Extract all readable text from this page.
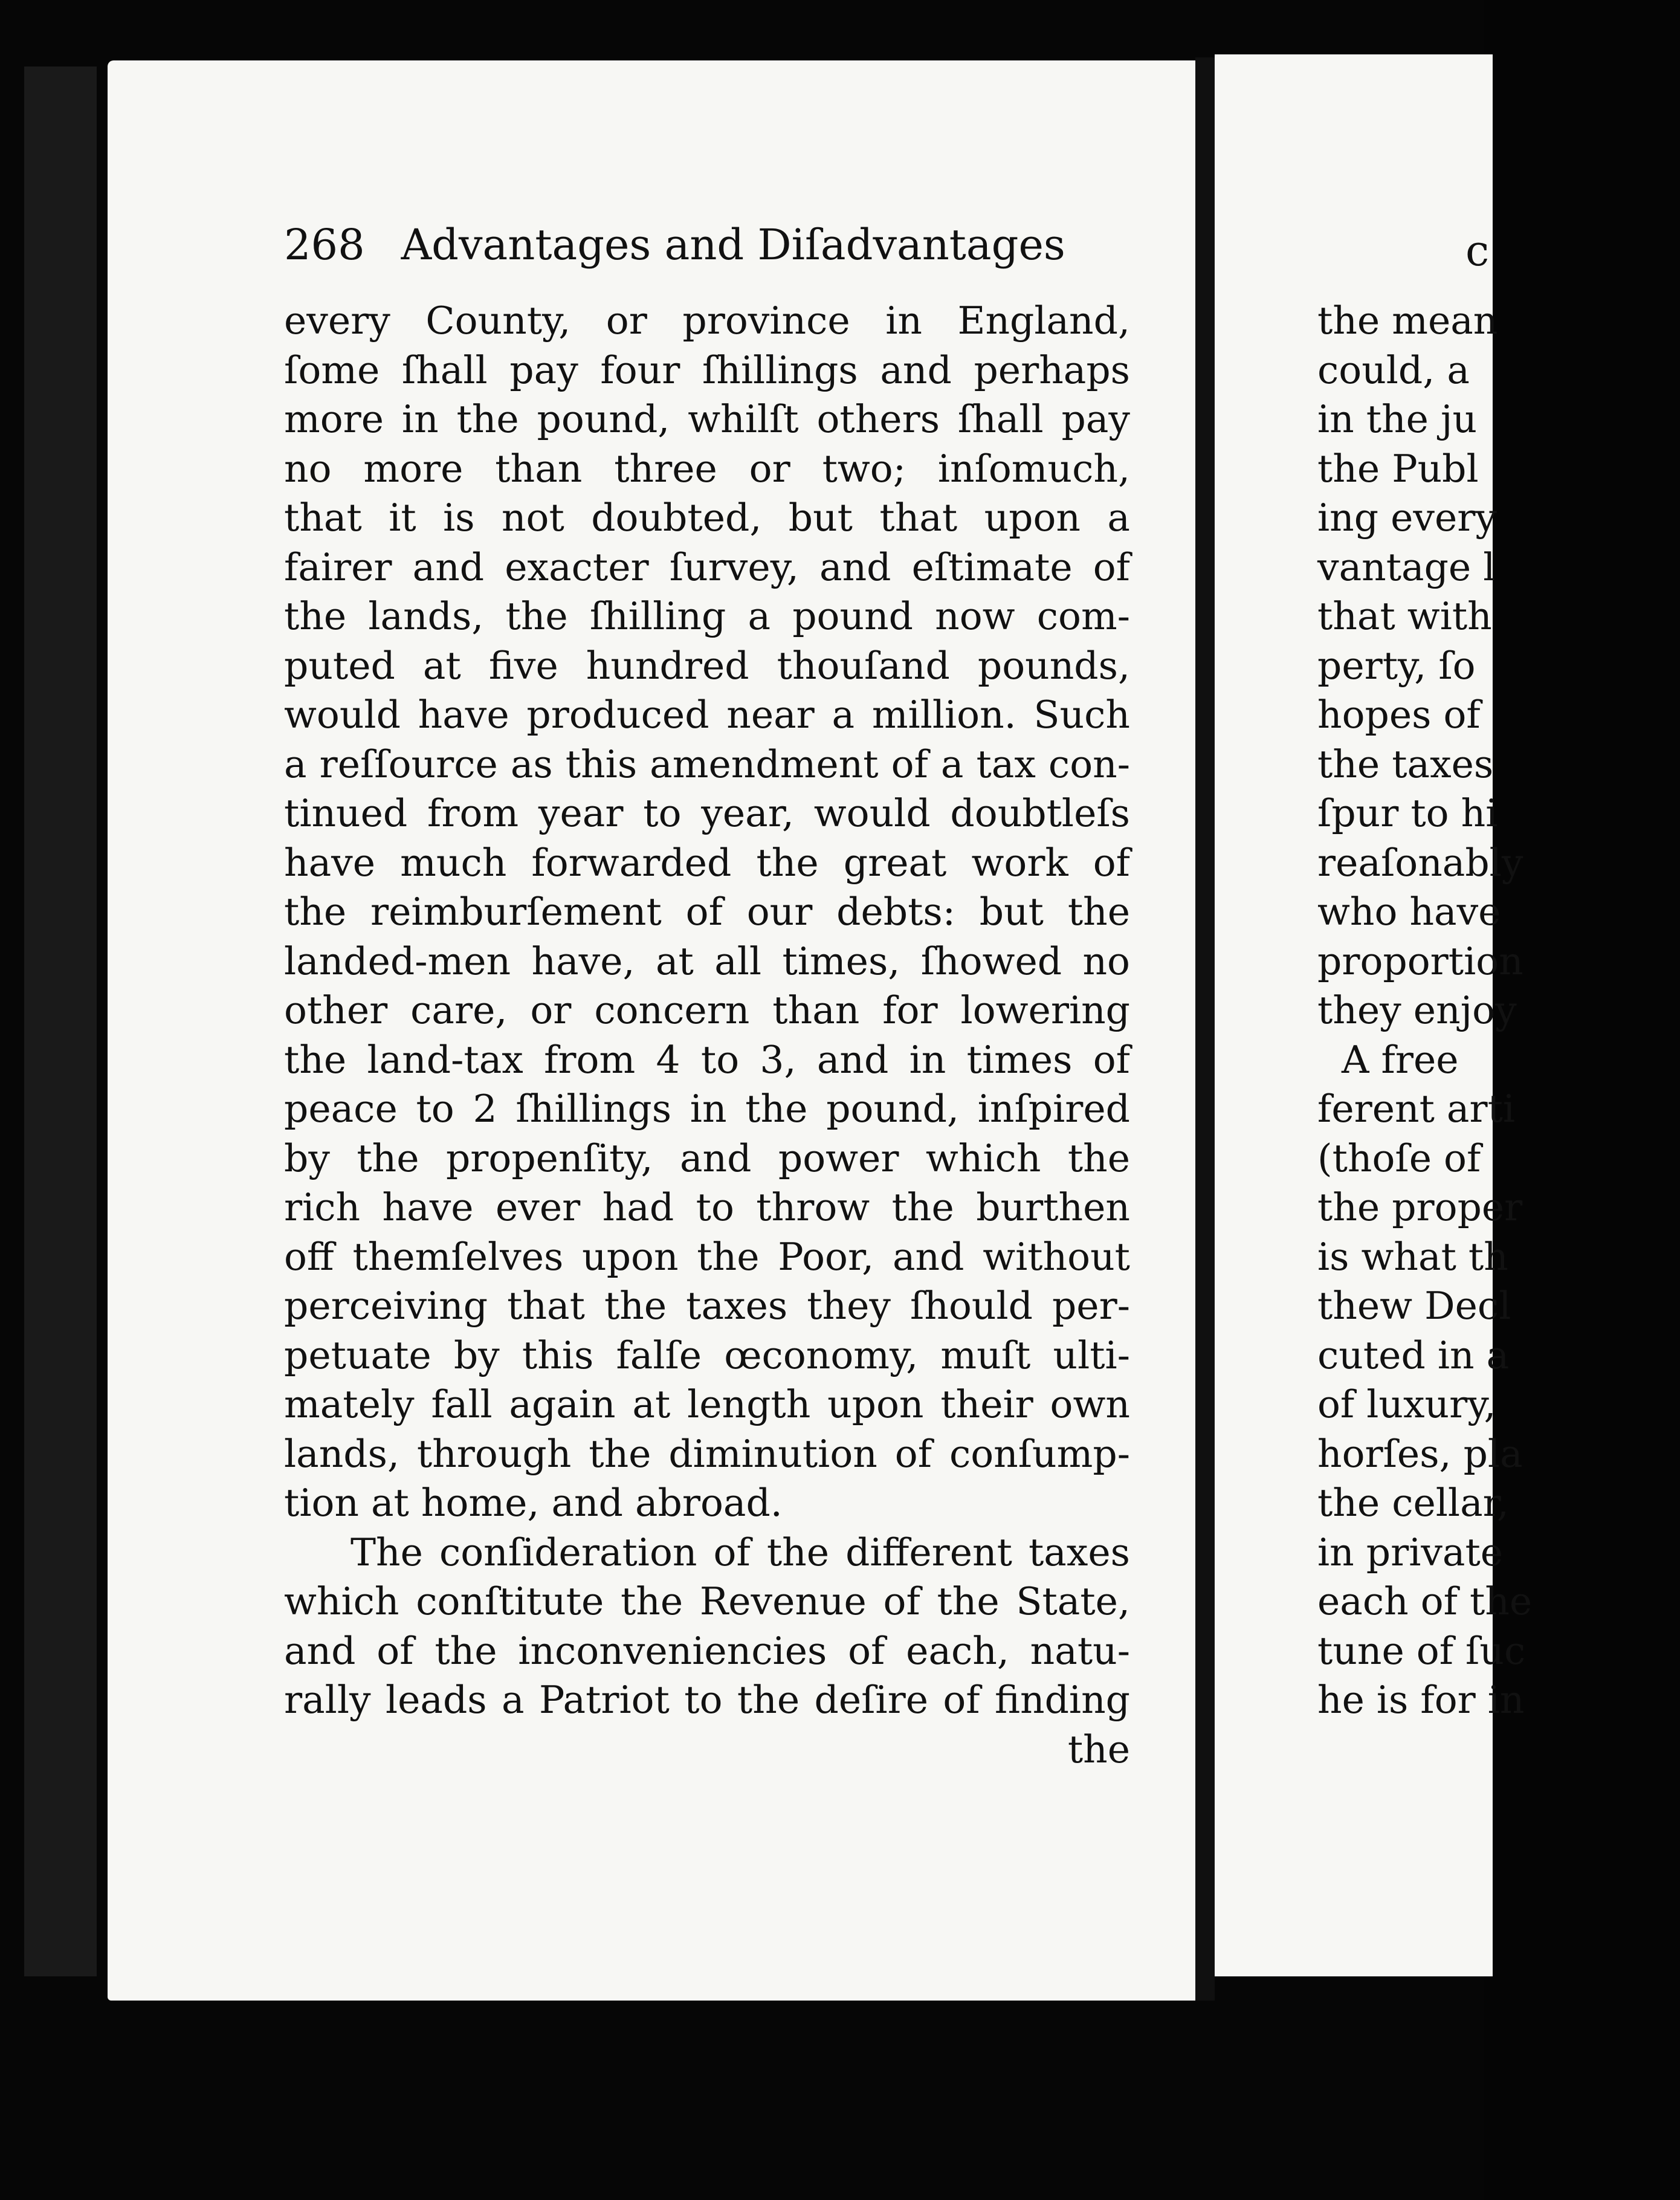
268 Advantages and Diſadvantages
every County, or province in England,
ſome ſhall pay four ſhillings and perhaps
more in the pound, whilſt others ſhall pay
no more than three or two; inſomuch,
that it is not doubted, but that upon a
fairer and exacter ſurvey, and eſtimate of
the lands, the ſhilling a pound now com-
puted at five hundred thouſand pounds,
would have produced near a million. Such
a reſſource as this amendment of a tax con-
tinued from year to year, would doubtleſs
have much forwarded the great work of
the reimburſement of our debts: but the
landed-men have, at all times, ſhowed no
other care, or concern than for lowering
the land-tax from 4 to 3, and in times of
peace to 2 ſhillings in the pound, inſpired
by the propenſity, and power which the
rich have ever had to throw the burthen
off themſelves upon the Poor, and without
perceiving that the taxes they ſhould per-
petuate by this falſe œconomy, muſt ulti-
mately fall again at length upon their own
lands, through the diminution of conſump-
tion at home, and abroad.
The conſideration of the different taxes
which conſtitute the Revenue of the State,
and of the inconveniencies of each, natu-
rally leads a Patriot to the deſire of finding
the
c
the mean
could, a
in the ju
the Publ
ing every
vantage l
that with
perty, ſo
hopes of
the taxes
ſpur to hi
reaſonably
who have
proportion
they enjoy
A free
ferent arti
(thoſe of
the proper
is what th
thew Decl
cuted in a
of luxury,
horſes, pla
the cellar,
in private
each of the
tune of ſuc
he is for in
